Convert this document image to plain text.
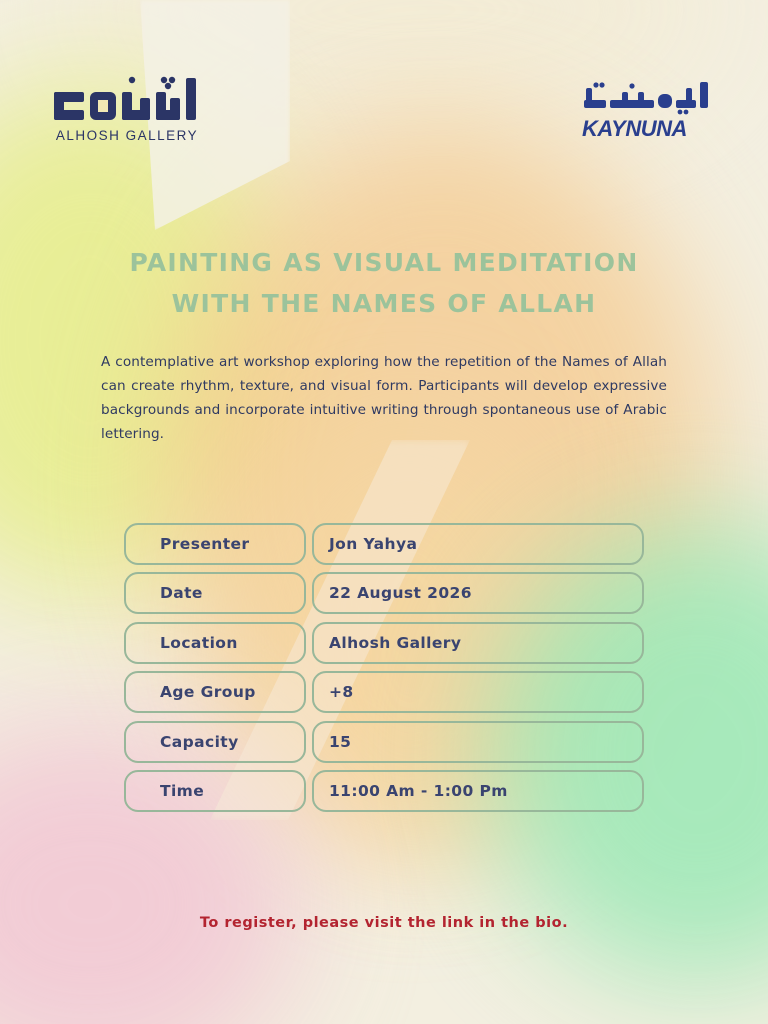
ALHOSH GALLERY	KAYNUNA
PAINTING AS VISUAL MEDITATION
WITH THE NAMES OF ALLAH
A contemplative art workshop exploring how the repetition of the Names of Allah can create rhythm, texture, and visual form. Participants will develop expressive backgrounds and incorporate intuitive writing through spontaneous use of Arabic lettering.
Presenter	Jon Yahya
Date	22 August 2026
Location	Alhosh Gallery
Age Group	+8
Capacity	15
Time	11:00 Am - 1:00 Pm
To register, please visit the link in the bio.
